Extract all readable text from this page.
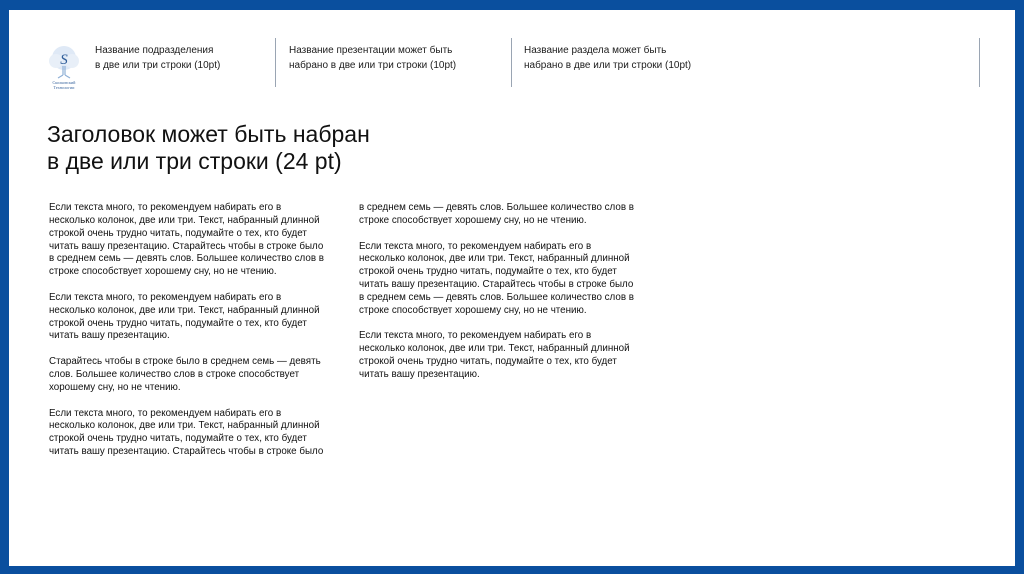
S
Сколковский
Технологии
Название подразделения
в две или три строки (10pt)
Название презентации может быть
набрано в две или три строки (10pt)
Название раздела может быть
набрано в две или три строки (10pt)
Заголовок может быть набран
в две или три строки (24 pt)

Если текста много, то рекомендуем набирать его в
несколько колонок, две или три. Текст, набранный длинной
строкой очень трудно читать, подумайте о тех, кто будет
читать вашу презентацию. Старайтесь чтобы в строке было
в среднем семь — девять слов. Большее количество слов в
строке способствует хорошему сну, но не чтению.

Если текста много, то рекомендуем набирать его в
несколько колонок, две или три. Текст, набранный длинной
строкой очень трудно читать, подумайте о тех, кто будет
читать вашу презентацию.

Старайтесь чтобы в строке было в среднем семь — девять
слов. Большее количество слов в строке способствует
хорошему сну, но не чтению.

Если текста много, то рекомендуем набирать его в
несколько колонок, две или три. Текст, набранный длинной
строкой очень трудно читать, подумайте о тех, кто будет
читать вашу презентацию. Старайтесь чтобы в строке было

в среднем семь — девять слов. Большее количество слов в
строке способствует хорошему сну, но не чтению.

Если текста много, то рекомендуем набирать его в
несколько колонок, две или три. Текст, набранный длинной
строкой очень трудно читать, подумайте о тех, кто будет
читать вашу презентацию. Старайтесь чтобы в строке было
в среднем семь — девять слов. Большее количество слов в
строке способствует хорошему сну, но не чтению.

Если текста много, то рекомендуем набирать его в
несколько колонок, две или три. Текст, набранный длинной
строкой очень трудно читать, подумайте о тех, кто будет
читать вашу презентацию.
